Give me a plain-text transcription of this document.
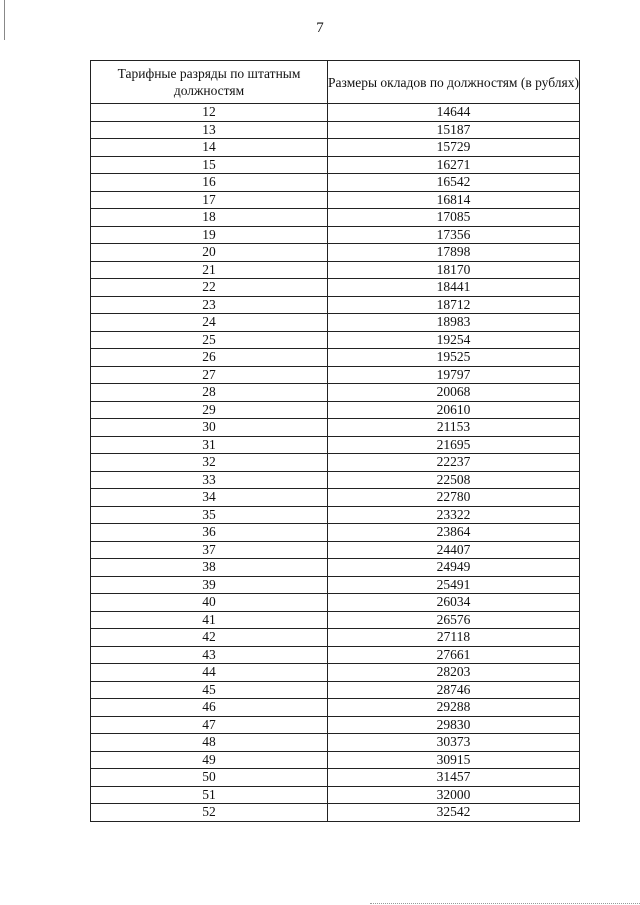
7
Тарифные разряды по штатным должностям	Размеры окладов по должностям (в рублях)
12	14644
13	15187
14	15729
15	16271
16	16542
17	16814
18	17085
19	17356
20	17898
21	18170
22	18441
23	18712
24	18983
25	19254
26	19525
27	19797
28	20068
29	20610
30	21153
31	21695
32	22237
33	22508
34	22780
35	23322
36	23864
37	24407
38	24949
39	25491
40	26034
41	26576
42	27118
43	27661
44	28203
45	28746
46	29288
47	29830
48	30373
49	30915
50	31457
51	32000
52	32542
